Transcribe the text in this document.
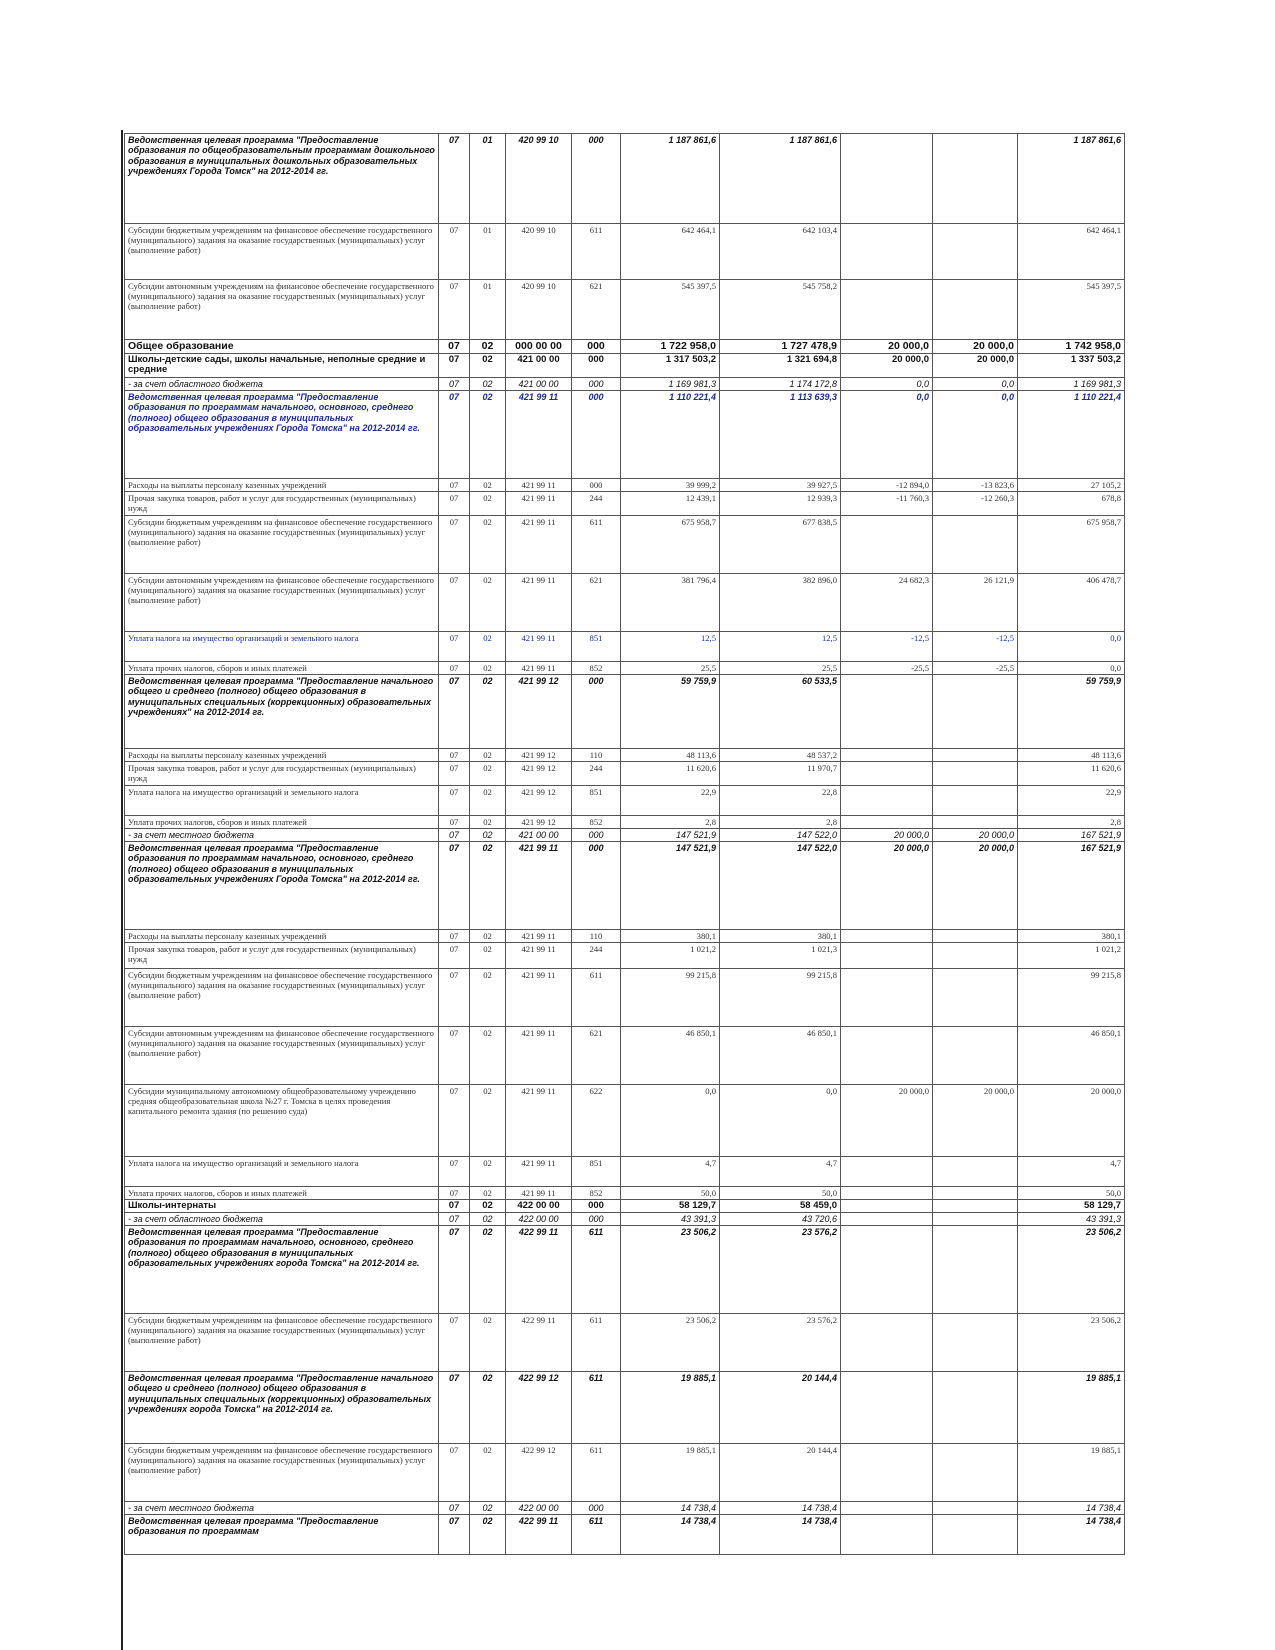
Ведомственная целевая программа "Предоставление образования по общеобразовательным программам дошкольного образования в муниципальных дошкольных образовательных учреждениях Города Томск" на 2012-2014 гг.	07	01	420 99 10	000	1 187 861,6	1 187 861,6			1 187 861,6
Субсидии бюджетным учреждениям на финансовое обеспечение государственного (муниципального) задания на оказание государственных (муниципальных) услуг (выполнение работ)	07	01	420 99 10	611	642 464,1	642 103,4			642 464,1
Субсидии автономным учреждениям на финансовое обеспечение государственного (муниципального) задания на оказание государственных (муниципальных) услуг (выполнение работ)	07	01	420 99 10	621	545 397,5	545 758,2			545 397,5
Общее образование	07	02	000 00 00	000	1 722 958,0	1 727 478,9	20 000,0	20 000,0	1 742 958,0
Школы-детские сады, школы начальные, неполные средние и средние	07	02	421 00 00	000	1 317 503,2	1 321 694,8	20 000,0	20 000,0	1 337 503,2
- за счет областного бюджета	07	02	421 00 00	000	1 169 981,3	1 174 172,8	0,0	0,0	1 169 981,3
Ведомственная целевая программа "Предоставление образования по программам начального, основного, среднего (полного) общего образования в муниципальных образовательных учреждениях Города Томска" на 2012-2014 гг.	07	02	421 99 11	000	1 110 221,4	1 113 639,3	0,0	0,0	1 110 221,4
Расходы на выплаты персоналу казенных учреждений	07	02	421 99 11	000	39 999,2	39 927,5	-12 894,0	-13 823,6	27 105,2
Прочая закупка товаров, работ и услуг для государственных (муниципальных) нужд	07	02	421 99 11	244	12 439,1	12 939,3	-11 760,3	-12 260,3	678,8
Субсидии бюджетным учреждениям на финансовое обеспечение государственного (муниципального) задания на оказание государственных (муниципальных) услуг (выполнение работ)	07	02	421 99 11	611	675 958,7	677 838,5			675 958,7
Субсидии автономным учреждениям на финансовое обеспечение государственного (муниципального) задания на оказание государственных (муниципальных) услуг (выполнение работ)	07	02	421 99 11	621	381 796,4	382 896,0	24 682,3	26 121,9	406 478,7
Уплата налога на имущество организаций и земельного налога	07	02	421 99 11	851	12,5	12,5	-12,5	-12,5	0,0
Уплата прочих налогов, сборов и иных платежей	07	02	421 99 11	852	25,5	25,5	-25,5	-25,5	0,0
Ведомственная целевая программа "Предоставление начального общего и среднего (полного) общего образования в муниципальных специальных (коррекционных) образовательных учреждениях" на 2012-2014 гг.	07	02	421 99 12	000	59 759,9	60 533,5			59 759,9
Расходы на выплаты персоналу казенных учреждений	07	02	421 99 12	110	48 113,6	48 537,2			48 113,6
Прочая закупка товаров, работ и услуг для государственных (муниципальных) нужд	07	02	421 99 12	244	11 620,6	11 970,7			11 620,6
Уплата налога на имущество организаций и земельного налога	07	02	421 99 12	851	22,9	22,8			22,9
Уплата прочих налогов, сборов и иных платежей	07	02	421 99 12	852	2,8	2,8			2,8
- за счет местного бюджета	07	02	421 00 00	000	147 521,9	147 522,0	20 000,0	20 000,0	167 521,9
Ведомственная целевая программа "Предоставление образования по программам начального, основного, среднего (полного) общего образования в муниципальных образовательных учреждениях Города Томска" на 2012-2014 гг.	07	02	421 99 11	000	147 521,9	147 522,0	20 000,0	20 000,0	167 521,9
Расходы на выплаты персоналу казенных учреждений	07	02	421 99 11	110	380,1	380,1			380,1
Прочая закупка товаров, работ и услуг для государственных (муниципальных) нужд	07	02	421 99 11	244	1 021,2	1 021,3			1 021,2
Субсидии бюджетным учреждениям на финансовое обеспечение государственного (муниципального) задания на оказание государственных (муниципальных) услуг (выполнение работ)	07	02	421 99 11	611	99 215,8	99 215,8			99 215,8
Субсидии автономным учреждениям на финансовое обеспечение государственного (муниципального) задания на оказание государственных (муниципальных) услуг (выполнение работ)	07	02	421 99 11	621	46 850,1	46 850,1			46 850,1
Субсидии муниципальному автономному общеобразовательному учреждению средняя общеобразовательная школа №27 г. Томска в целях проведения капитального ремонта здания (по решению суда)	07	02	421 99 11	622	0,0	0,0	20 000,0	20 000,0	20 000,0
Уплата налога на имущество организаций и земельного налога	07	02	421 99 11	851	4,7	4,7			4,7
Уплата прочих налогов, сборов и иных платежей	07	02	421 99 11	852	50,0	50,0			50,0
Школы-интернаты	07	02	422 00 00	000	58 129,7	58 459,0			58 129,7
- за счет областного бюджета	07	02	422 00 00	000	43 391,3	43 720,6			43 391,3
Ведомственная целевая программа "Предоставление образования по программам начального, основного, среднего (полного) общего образования в муниципальных образовательных учреждениях города Томска" на 2012-2014 гг.	07	02	422 99 11	611	23 506,2	23 576,2			23 506,2
Субсидии бюджетным учреждениям на финансовое обеспечение государственного (муниципального) задания на оказание государственных (муниципальных) услуг (выполнение работ)	07	02	422 99 11	611	23 506,2	23 576,2			23 506,2
Ведомственная целевая программа "Предоставление начального общего и среднего (полного) общего образования в муниципальных специальных (коррекционных) образовательных учреждениях города Томска" на 2012-2014 гг.	07	02	422 99 12	611	19 885,1	20 144,4			19 885,1
Субсидии бюджетным учреждениям на финансовое обеспечение государственного (муниципального) задания на оказание государственных (муниципальных) услуг (выполнение работ)	07	02	422 99 12	611	19 885,1	20 144,4			19 885,1
- за счет местного бюджета	07	02	422 00 00	000	14 738,4	14 738,4			14 738,4
Ведомственная целевая программа "Предоставление образования по программам	07	02	422 99 11	611	14 738,4	14 738,4			14 738,4
